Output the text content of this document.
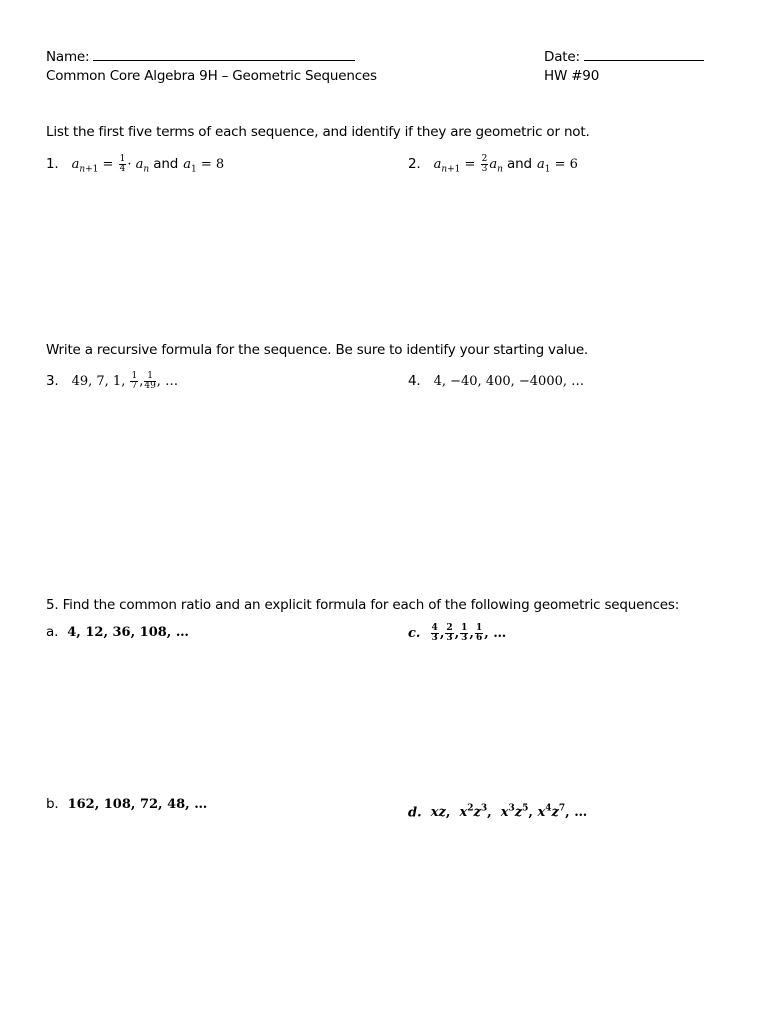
Name:	Date:
Common Core Algebra 9H – Geometric Sequences	HW #90
List the first five terms of each sequence, and identify if they are geometric or not.
1. $a_{n+1} = \frac{1}{4} \cdot a_n$ and $a_1 = 8$	2. $a_{n+1} = \frac{2}{3} a_n$ and $a_1 = 6$
Write a recursive formula for the sequence. Be sure to identify your starting value.
3. 49, 7, 1, $\frac{1}{7}$ , $\frac{1}{49}$ , …	4. 4, −40, 400, −4000, …
5. Find the common ratio and an explicit formula for each of the following geometric sequences:
a. 4, 12, 36, 108, …	c. $\frac{4}{3}$ , $\frac{2}{3}$ , $\frac{1}{3}$ , $\frac{1}{6}$ , …
b. 162, 108, 72, 48, …
d. xz,  $x^2z^3$,  $x^3z^5$, $x^4z^7$, …
